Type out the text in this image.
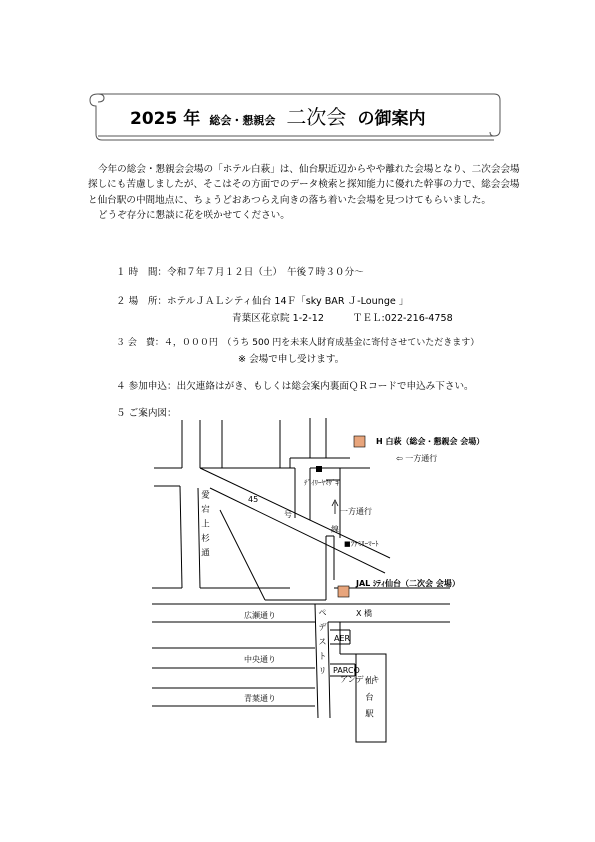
2025 年 総会・懇親会 二次会 の御案内

今年の総会・懇親会会場の「ホテル白萩」は、仙台駅近辺からやや離れた会場となり、二次会会場探しにも苦慮しましたが、そこはその方面でのデータ検索と探知能力に優れた幹事の力で、総会会場と仙台駅の中間地点に、ちょうどおあつらえ向きの落ち着いた会場を見つけてもらいました。

どうぞ存分に懇談に花を咲かせてください。

１ 時　間：令和７年７月１２日（土）　午後７時３０分～
２ 場　所：ホテルＪＡＬシティ仙台 14Ｆ「sky BAR Ｊ-Lounge 」
青葉区花京院 1-2-12　　　ＴＥＬ:022-216-4758
３ 会　費：４，０００円　（うち 500 円を未来人財育成基金に寄付させていただきます）
※ 会場で申し受けます。
４ 参加申込：出欠連絡はがき、もしくは総会案内裏面ＱＲコードで申込み下さい。
５ ご案内図：
H 白萩（総会・懇親会 会場）
⇦ 一方通行
ﾃﾞｲﾘｰﾔﾏｻﾞｷ
一方通行
45
号
線
■ﾌｧﾐﾘｰﾏｰﾄ
愛宕上杉通
JAL ｼﾃｨ仙台（二次会 会場）
広瀬通り	X 橋
中央通り
青葉通り
ペデストリ AER
PARCO
アンデッキ
仙台駅
